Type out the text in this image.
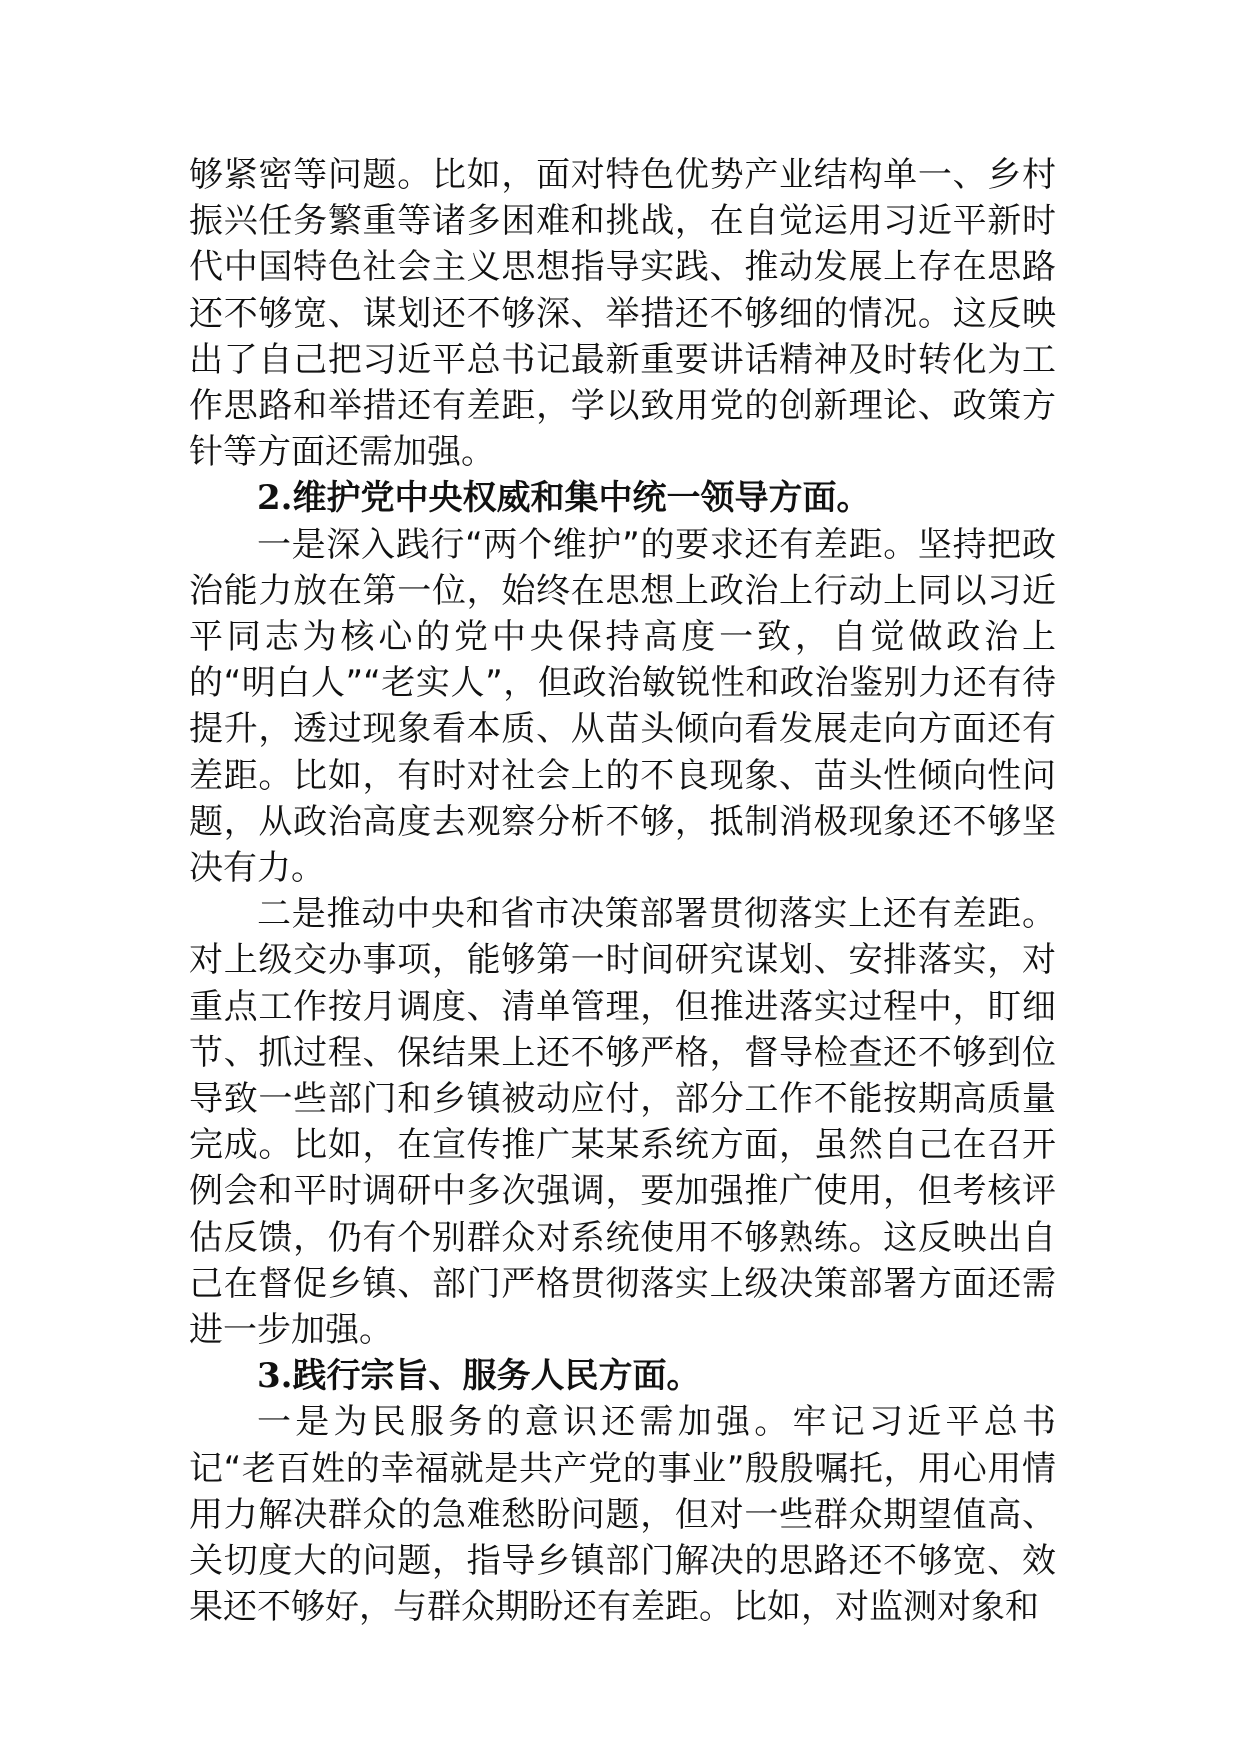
够紧密等问题。比如，面对特色优势产业结构单一、乡村振兴任务繁重等诸多困难和挑战，在自觉运用习近平新时代中国特色社会主义思想指导实践、推动发展上存在思路还不够宽、谋划还不够深、举措还不够细的情况。这反映出了自己把习近平总书记最新重要讲话精神及时转化为工作思路和举措还有差距，学以致用党的创新理论、政策方针等方面还需加强。

2.维护党中央权威和集中统一领导方面。

一是深入践行“两个维护”的要求还有差距。坚持把政治能力放在第一位，始终在思想上政治上行动上同以习近平同志为核心的党中央保持高度一致，自觉做政治上的“明白人”“老实人”，但政治敏锐性和政治鉴别力还有待提升，透过现象看本质、从苗头倾向看发展走向方面还有差距。比如，有时对社会上的不良现象、苗头性倾向性问题，从政治高度去观察分析不够，抵制消极现象还不够坚决有力。

二是推动中央和省市决策部署贯彻落实上还有差距。对上级交办事项，能够第一时间研究谋划、安排落实，对重点工作按月调度、清单管理，但推进落实过程中，盯细节、抓过程、保结果上还不够严格，督导检查还不够到位导致一些部门和乡镇被动应付，部分工作不能按期高质量完成。比如，在宣传推广某某系统方面，虽然自己在召开例会和平时调研中多次强调，要加强推广使用，但考核评估反馈，仍有个别群众对系统使用不够熟练。这反映出自己在督促乡镇、部门严格贯彻落实上级决策部署方面还需进一步加强。

3.践行宗旨、服务人民方面。

一是为民服务的意识还需加强。牢记习近平总书记“老百姓的幸福就是共产党的事业”殷殷嘱托，用心用情用力解决群众的急难愁盼问题，但对一些群众期望值高、关切度大的问题，指导乡镇部门解决的思路还不够宽、效果还不够好，与群众期盼还有差距。比如，对监测对象和
